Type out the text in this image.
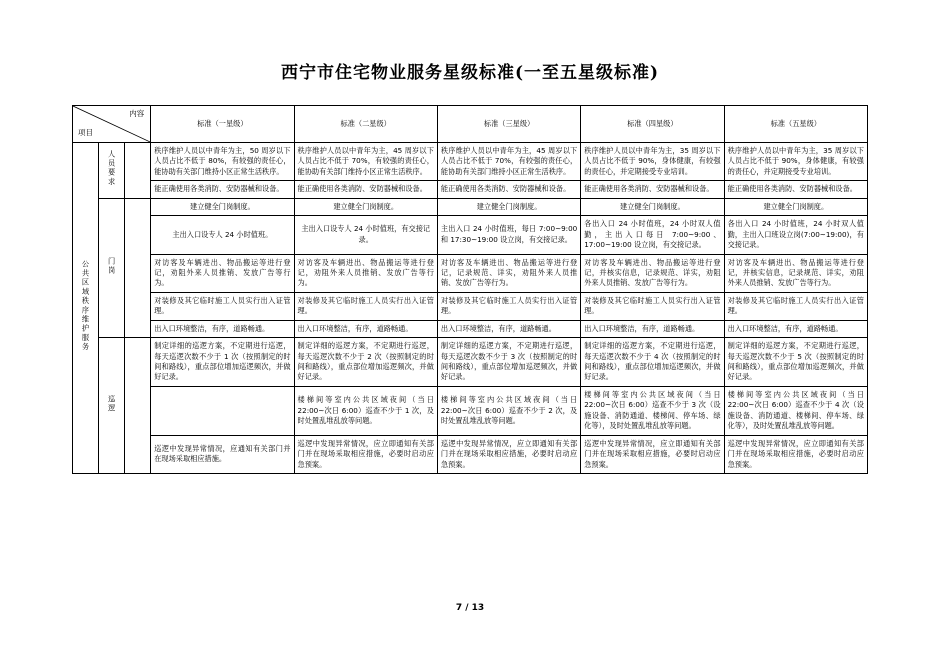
西宁市住宅物业服务星级标准(一至五星级标准)
项目
内容			标准（一星级）	标准（二星级）	标准（三星级）	标准（四星级）	标准（五星级）
公共区域秩序维护服务	人员要求		秩序维护人员以中青年为主，50 周岁以下人员占比不低于 80%，有较强的责任心，能协助有关部门维持小区正常生活秩序。	秩序维护人员以中青年为主，45 周岁以下人员占比不低于 70%，有较强的责任心，能协助有关部门维持小区正常生活秩序。	秩序维护人员以中青年为主，45 周岁以下人员占比不低于 70%，有较强的责任心，能协助有关部门维持小区正常生活秩序。	秩序维护人员以中青年为主，35 周岁以下人员占比不低于 90%，身体健康，有较强的责任心，并定期接受专业培训。	秩序维护人员以中青年为主，35 周岁以下人员占比不低于 90%，身体健康，有较强的责任心，并定期接受专业培训。
			能正确使用各类消防、安防器械和设备。	能正确使用各类消防、安防器械和设备。	能正确使用各类消防、安防器械和设备。	能正确使用各类消防、安防器械和设备。	能正确使用各类消防、安防器械和设备。
	门岗		建立健全门岗制度。	建立健全门岗制度。	建立健全门岗制度。	建立健全门岗制度。	建立健全门岗制度。
			主出入口设专人 24 小时值班。	主出入口设专人 24 小时值班，有交接记录。	主出入口 24 小时值班，每日 7:00~9:00 和 17:30~19:00 设立岗，有交接记录。	各出入口 24 小时值班，24 小时双人值勤，主出入口每日 7:00~9:00、17:00~19:00 设立岗，有交接记录。	各出入口 24 小时值班，24 小时双人值勤，主出入口班设立岗(7:00~19:00)，有交接记录。
			对访客及车辆进出、物品搬运等进行登记，劝阻外来人员推销、发放广告等行为。	对访客及车辆进出、物品搬运等进行登记，劝阻外来人员推销、发放广告等行为。	对访客及车辆进出、物品搬运等进行登记，记录规范、详实，劝阻外来人员推销、发放广告等行为。	对访客及车辆进出、物品搬运等进行登记，并核实信息，记录规范、详实，劝阻外来人员推销、发放广告等行为。	对访客及车辆进出、物品搬运等进行登记，并核实信息，记录规范、详实，劝阻外来人员推销、发放广告等行为。
			对装修及其它临时施工人员实行出入证管理。	对装修及其它临时施工人员实行出入证管理。	对装修及其它临时施工人员实行出入证管理。	对装修及其它临时施工人员实行出入证管理。	对装修及其它临时施工人员实行出入证管理。
			出入口环境整洁，有序，道路畅通。	出入口环境整洁，有序，道路畅通。	出入口环境整洁，有序，道路畅通。	出入口环境整洁，有序，道路畅通。	出入口环境整洁，有序，道路畅通。
	巡逻		制定详细的巡逻方案，不定期进行巡逻，每天巡逻次数不少于 1 次（按照制定的时间和路线），重点部位增加巡逻频次，并做好记录。	制定详细的巡逻方案，不定期进行巡逻，每天巡逻次数不少于 2 次（按照制定的时间和路线），重点部位增加巡逻频次，并做好记录。	制定详细的巡逻方案，不定期进行巡逻，每天巡逻次数不少于 3 次（按照制定的时间和路线），重点部位增加巡逻频次，并做好记录。	制定详细的巡逻方案，不定期进行巡逻，每天巡逻次数不少于 4 次（按照制定的时间和路线），重点部位增加巡逻频次，并做好记录。	制定详细的巡逻方案，不定期进行巡逻，每天巡逻次数不少于 5 次（按照制定的时间和路线），重点部位增加巡逻频次，并做好记录。
				楼梯间等室内公共区域夜间（当日 22:00~次日 6:00）巡查不少于 1 次，及时处置乱堆乱放等问题。	楼梯间等室内公共区域夜间（当日 22:00~次日 6:00）巡查不少于 2 次，及时处置乱堆乱放等问题。	楼梯间等室内公共区域夜间（当日 22:00~次日 6:00）巡查不少于 3 次（设施设备、消防通道、楼梯间、停车场、绿化等），及时处置乱堆乱放等问题。	楼梯间等室内公共区域夜间（当日 22:00~次日 6:00）巡查不少于 4 次（设施设备、消防通道、楼梯间、停车场、绿化等），及时处置乱堆乱放等问题。
			巡逻中发现异常情况，应通知有关部门并在现场采取相应措施。	巡逻中发现异常情况，应立即通知有关部门并在现场采取相应措施，必要时启动应急预案。	巡逻中发现异常情况，应立即通知有关部门并在现场采取相应措施，必要时启动应急预案。	巡逻中发现异常情况，应立即通知有关部门并在现场采取相应措施，必要时启动应急预案。	巡逻中发现异常情况，应立即通知有关部门并在现场采取相应措施，必要时启动应急预案。
7 / 13
